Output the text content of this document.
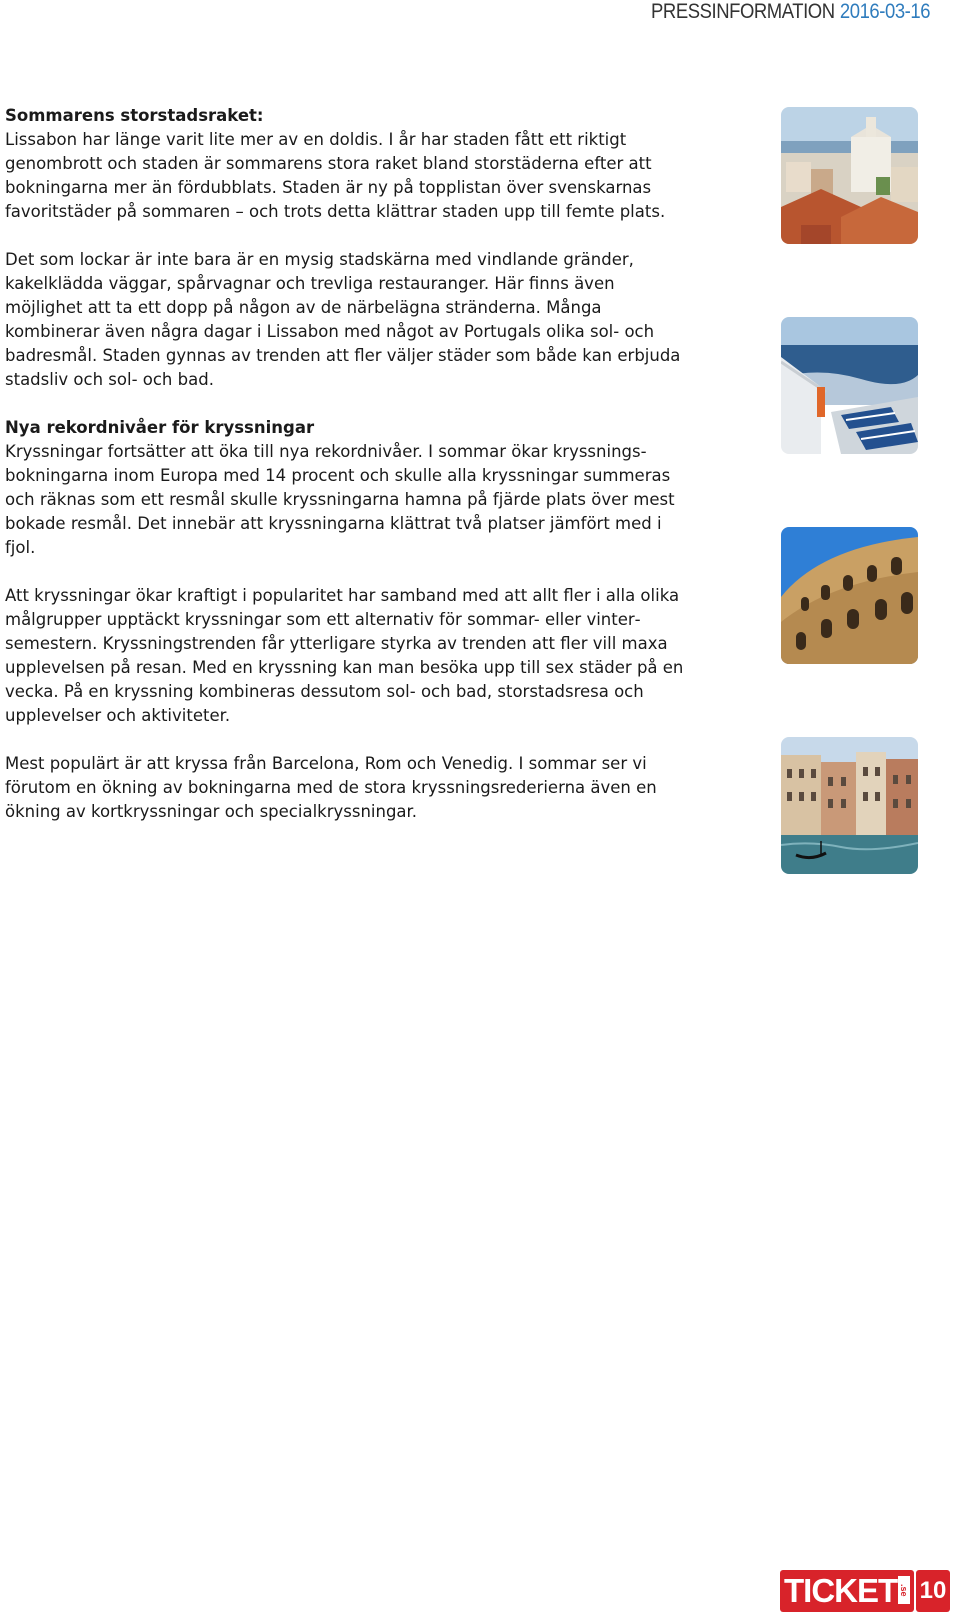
PRESSINFORMATION 2016-03-16

Sommarens storstadsraket:
Lissabon har länge varit lite mer av en doldis. I år har staden fått ett riktigt genombrott och staden är sommarens stora raket bland storstäderna efter att bokningarna mer än fördubblats. Staden är ny på topplistan över svenskarnas favoritstäder på sommaren – och trots detta klättrar staden upp till femte plats.

Det som lockar är inte bara är en mysig stadskärna med vindlande gränder, kakelklädda väggar, spårvagnar och trevliga restauranger. Här finns även möjlighet att ta ett dopp på någon av de närbelägna stränderna. Många kombinerar även några dagar i Lissabon med något av Portugals olika sol- och badresmål. Staden gynnas av trenden att fler väljer städer som både kan erbjuda stadsliv och sol- och bad.

Nya rekordnivåer för kryssningar
Kryssningar fortsätter att öka till nya rekordnivåer. I sommar ökar kryssningsbokningarna inom Europa med 14 procent och skulle alla kryssningar summeras och räknas som ett resmål skulle kryssningarna hamna på fjärde plats över mest bokade resmål. Det innebär att kryssningarna klättrat två platser jämfört med i fjol.

Att kryssningar ökar kraftigt i popularitet har samband med att allt fler i alla olika målgrupper upptäckt kryssningar som ett alternativ för sommar- eller vintersemestern. Kryssningstrenden får ytterligare styrka av trenden att fler vill maxa upplevelsen på resan. Med en kryssning kan man besöka upp till sex städer på en vecka. På en kryssning kombineras dessutom sol- och bad, storstadsresa och upplevelser och aktiviteter.

Mest populärt är att kryssa från Barcelona, Rom och Venedig. I sommar ser vi förutom en ökning av bokningarna med de stora kryssningsrederierna även en ökning av kortkryssningar och specialkryssningar.

TICKET .se 10
